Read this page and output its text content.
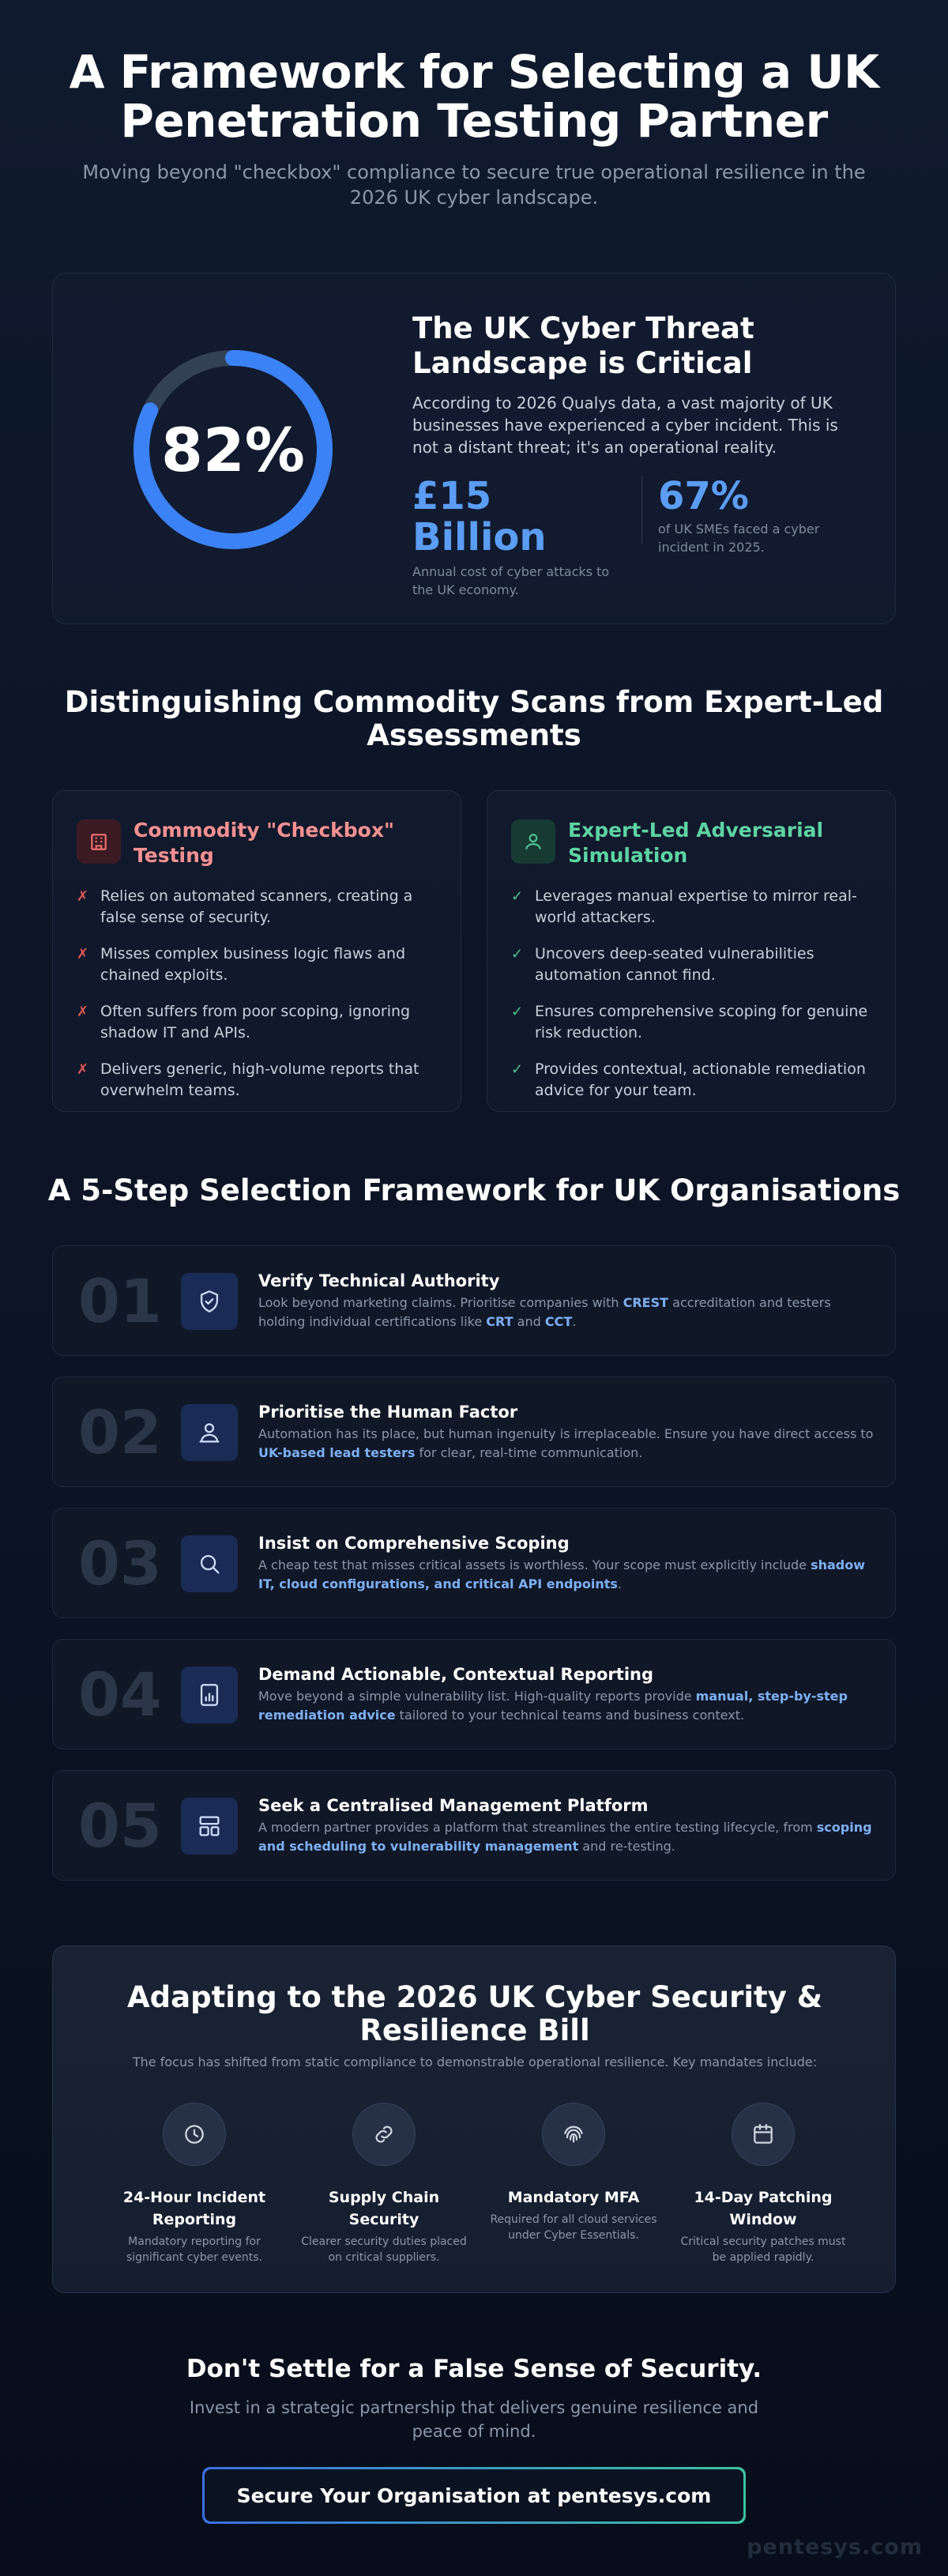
A Framework for Selecting a UK Penetration Testing Partner

Moving beyond "checkbox" compliance to secure true operational resilience in the 2026 UK cyber landscape.

82%
The UK Cyber Threat Landscape is Critical

According to 2026 Qualys data, a vast majority of UK businesses have experienced a cyber incident. This is not a distant threat; it's an operational reality.

£15 Billion
Annual cost of cyber attacks to the UK economy.
67%
of UK SMEs faced a cyber incident in 2025.
Distinguishing Commodity Scans from Expert-Led Assessments
Commodity "Checkbox" Testing
✗ Relies on automated scanners, creating a false sense of security.
✗ Misses complex business logic flaws and chained exploits.
✗ Often suffers from poor scoping, ignoring shadow IT and APIs.
✗ Delivers generic, high-volume reports that overwhelm teams.
Expert-Led Adversarial Simulation
✓ Leverages manual expertise to mirror real-world attackers.
✓ Uncovers deep-seated vulnerabilities automation cannot find.
✓ Ensures comprehensive scoping for genuine risk reduction.
✓ Provides contextual, actionable remediation advice for your team.
A 5-Step Selection Framework for UK Organisations
01	Verify Technical Authority
Look beyond marketing claims. Prioritise companies with CREST accreditation and testers holding individual certifications like CRT and CCT.
02	Prioritise the Human Factor
Automation has its place, but human ingenuity is irreplaceable. Ensure you have direct access to UK-based lead testers for clear, real-time communication.
03	Insist on Comprehensive Scoping
A cheap test that misses critical assets is worthless. Your scope must explicitly include shadow IT, cloud configurations, and critical API endpoints.
04	Demand Actionable, Contextual Reporting
Move beyond a simple vulnerability list. High-quality reports provide manual, step-by-step remediation advice tailored to your technical teams and business context.
05	Seek a Centralised Management Platform
A modern partner provides a platform that streamlines the entire testing lifecycle, from scoping and scheduling to vulnerability management and re-testing.
Adapting to the 2026 UK Cyber Security & Resilience Bill
The focus has shifted from static compliance to demonstrable operational resilience. Key mandates include:
24-Hour Incident Reporting
Mandatory reporting for significant cyber events.
Supply Chain Security
Clearer security duties placed on critical suppliers.
Mandatory MFA
Required for all cloud services under Cyber Essentials.
14-Day Patching Window
Critical security patches must be applied rapidly.
Don't Settle for a False Sense of Security.

Invest in a strategic partnership that delivers genuine resilience and peace of mind.

Secure Your Organisation at pentesys.com
pentesys.com
